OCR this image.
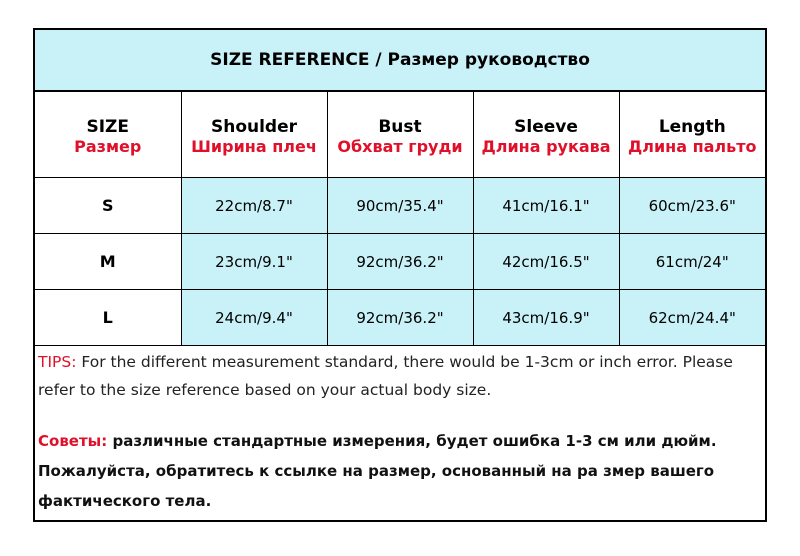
SIZE REFERENCE / Размер руководство
SIZE	Shoulder	Bust	Sleeve	Length
Размер	Ширина плеч	Обхват груди	Длина рукава	Длина пальто
S	22cm/8.7"	90cm/35.4"	41cm/16.1"	60cm/23.6"
M	23cm/9.1"	92cm/36.2"	42cm/16.5"	61cm/24"
L	24cm/9.4"	92cm/36.2"	43cm/16.9"	62cm/24.4"
TIPS: For the different measurement standard, there would be 1-3cm or inch error. Please refer to the size reference based on your actual body size.
Советы: различные стандартные измерения, будет ошибка 1-3 см или дюйм. Пожалуйста, обратитесь к ссылке на размер, основанный на ра змер вашего фактического тела.
